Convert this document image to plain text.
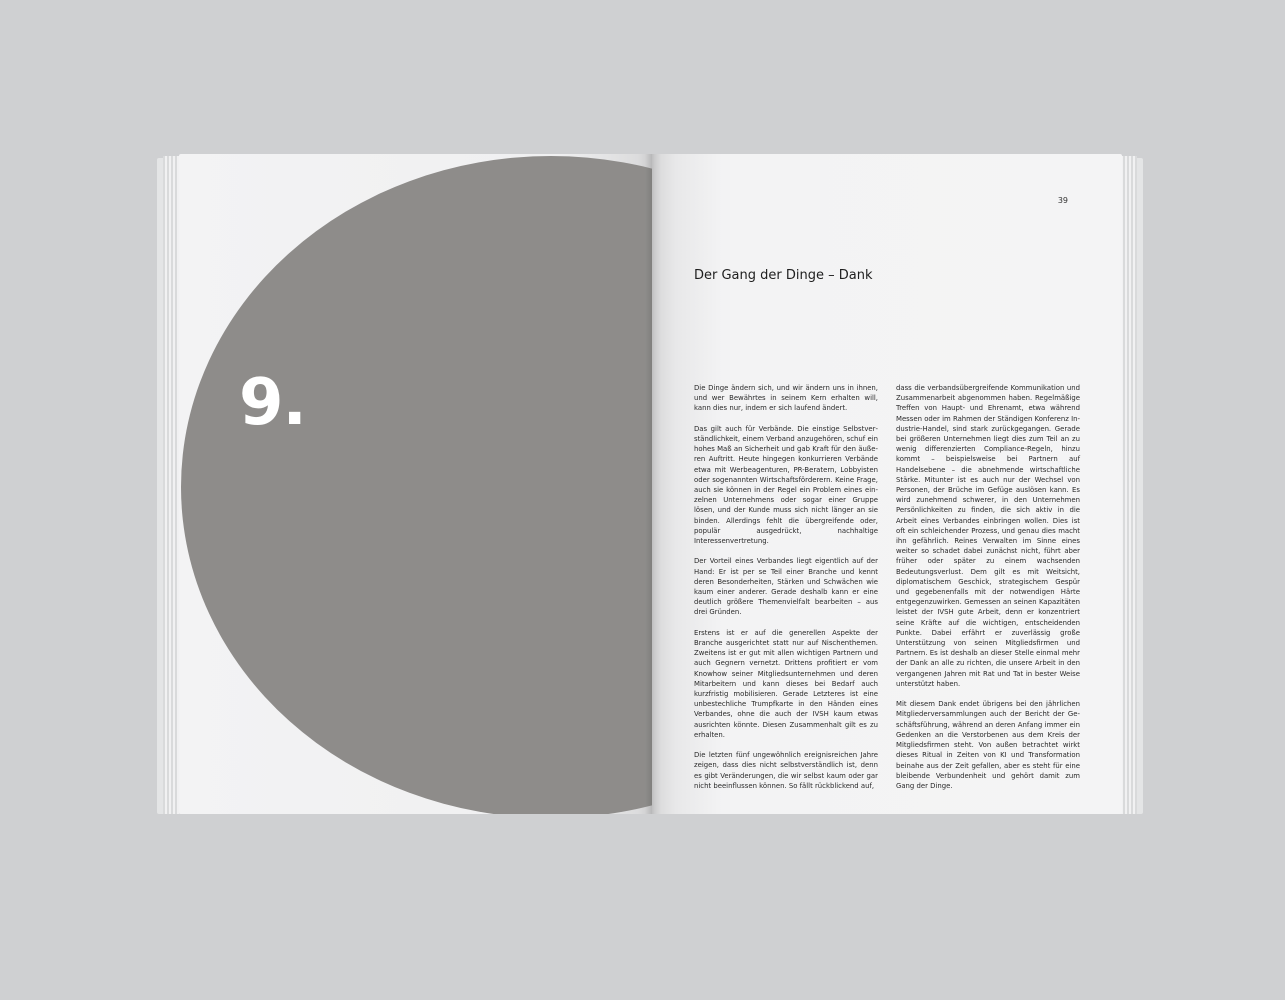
9.
39
Der Gang der Dinge – Dank

Die Dinge ändern sich, und wir ändern uns in ihnen, und wer Bewährtes in seinem Kern erhalten will, kann dies nur, indem er sich laufend ändert.

Das gilt auch für Verbände. Die einstige Selbstverständlichkeit, einem Verband anzugehören, schuf ein hohes Maß an Sicherheit und gab Kraft für den äußeren Auftritt. Heute hingegen konkurrieren Verbände etwa mit Werbeagenturen, PR-Beratern, Lobbyisten oder sogenannten Wirtschaftsförderern. Keine Frage, auch sie können in der Regel ein Problem eines einzelnen Unternehmens oder sogar einer Gruppe lösen, und der Kunde muss sich nicht länger an sie binden. Allerdings fehlt die übergreifende oder, populär ausgedrückt, nachhaltige Interessenvertretung.

Der Vorteil eines Verbandes liegt eigentlich auf der Hand: Er ist per se Teil einer Branche und kennt deren Besonderheiten, Stärken und Schwächen wie kaum einer anderer. Gerade deshalb kann er eine deutlich größere Themenvielfalt bearbeiten – aus drei Gründen.

Erstens ist er auf die generellen Aspekte der Branche ausgerichtet statt nur auf Nischenthemen. Zweitens ist er gut mit allen wichtigen Partnern und auch Gegnern vernetzt. Drittens profitiert er vom Knowhow seiner Mitgliedsunternehmen und deren Mitarbeitern und kann dieses bei Bedarf auch kurzfristig mobilisieren. Gerade Letzteres ist eine unbestechliche Trumpfkarte in den Händen eines Verbandes, ohne die auch der IVSH kaum etwas ausrichten könnte. Diesen Zusammenhalt gilt es zu erhalten.

Die letzten fünf ungewöhnlich ereignisreichen Jahre zeigen, dass dies nicht selbstverständlich ist, denn es gibt Veränderungen, die wir selbst kaum oder gar nicht beeinflussen können. So fällt rückblickend auf,

dass die verbandsübergreifende Kommunikation und Zusammenarbeit abgenommen haben. Regelmäßige Treffen von Haupt- und Ehrenamt, etwa während Messen oder im Rahmen der Ständigen Konferenz Industrie-Handel, sind stark zurückgegangen. Gerade bei größeren Unternehmen liegt dies zum Teil an zu wenig differenzierten Compliance-Regeln, hinzu kommt – beispielsweise bei Partnern auf Handelsebene – die abnehmende wirtschaftliche Stärke. Mitunter ist es auch nur der Wechsel von Personen, der Brüche im Gefüge auslösen kann. Es wird zunehmend schwerer, in den Unternehmen Persönlichkeiten zu finden, die sich aktiv in die Arbeit eines Verbandes einbringen wollen. Dies ist oft ein schleichender Prozess, und genau dies macht ihn gefährlich. Reines Verwalten im Sinne eines weiter so schadet dabei zunächst nicht, führt aber früher oder später zu einem wachsenden Bedeutungsverlust. Dem gilt es mit Weitsicht, diplomatischem Geschick, strategischem Gespür und gegebenenfalls mit der notwendigen Härte entgegenzuwirken. Gemessen an seinen Kapazitäten leistet der IVSH gute Arbeit, denn er konzentriert seine Kräfte auf die wichtigen, entscheidenden Punkte. Dabei erfährt er zuverlässig große Unterstützung von seinen Mitgliedsfirmen und Partnern. Es ist deshalb an dieser Stelle einmal mehr der Dank an alle zu richten, die unsere Arbeit in den vergangenen Jahren mit Rat und Tat in bester Weise unterstützt haben.

Mit diesem Dank endet übrigens bei den jährlichen Mitgliederversammlungen auch der Bericht der Geschäftsführung, während an deren Anfang immer ein Gedenken an die Verstorbenen aus dem Kreis der Mitgliedsfirmen steht. Von außen betrachtet wirkt dieses Ritual in Zeiten von KI und Transformation beinahe aus der Zeit gefallen, aber es steht für eine bleibende Verbundenheit und gehört damit zum Gang der Dinge.
